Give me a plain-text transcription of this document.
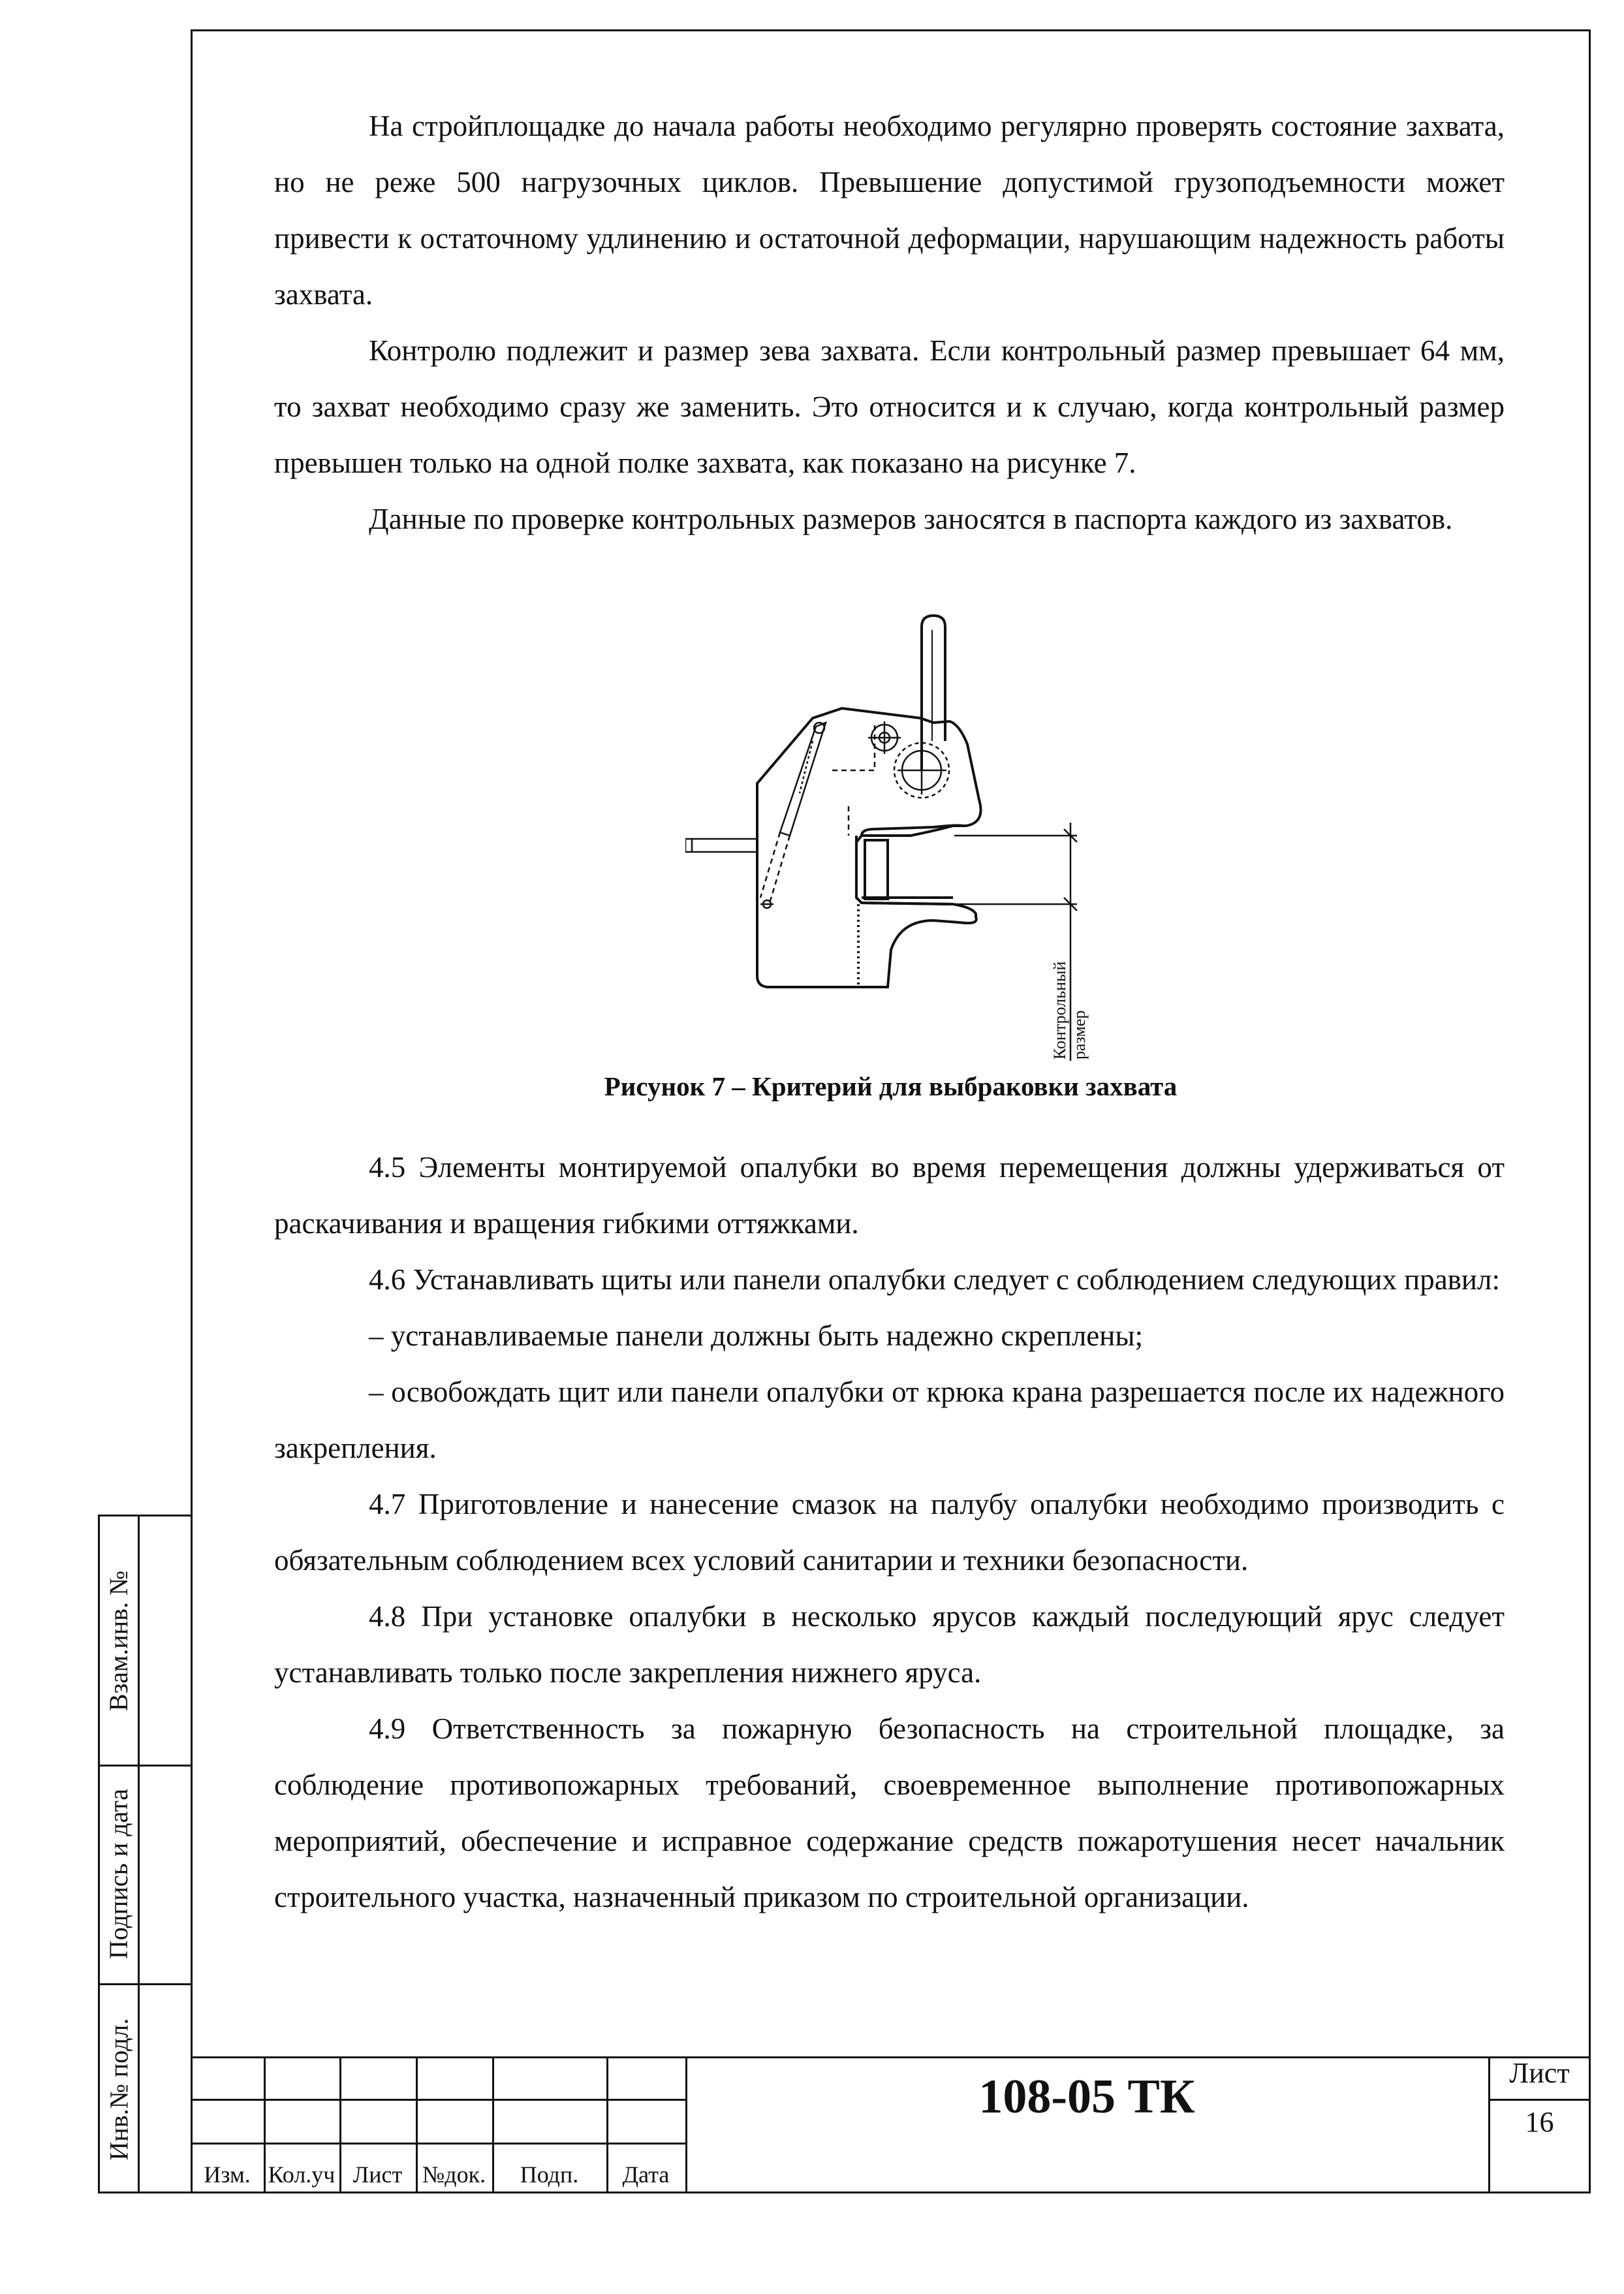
Взам.инв. №
Подпись и дата
Инв.№ подл.

На стройплощадке до начала работы необходимо регулярно проверять состояние захвата, но не реже 500 нагрузочных циклов. Превышение допустимой грузоподъемности может привести к остаточному удлинению и остаточной деформации, нарушающим надежность работы захвата.

Контролю подлежит и размер зева захвата. Если контрольный размер превышает 64 мм, то захват необходимо сразу же заменить. Это относится и к случаю, когда контрольный размер превышен только на одной полке захвата, как показано на рисунке 7.

Данные по проверке контрольных размеров заносятся в паспорта каждого из захватов.

Контрольный размер
Рисунок 7 – Критерий для выбраковки захвата

4.5 Элементы монтируемой опалубки во время перемещения должны удерживаться от раскачивания и вращения гибкими оттяжками.

4.6 Устанавливать щиты или панели опалубки следует с соблюдением следующих правил:

– устанавливаемые панели должны быть надежно скреплены;

– освобождать щит или панели опалубки от крюка крана разрешается после их надежного закрепления.

4.7 Приготовление и нанесение смазок на палубу опалубки необходимо производить с обязательным соблюдением всех условий санитарии и техники безопасности.

4.8 При установке опалубки в несколько ярусов каждый последующий ярус следует устанавливать только после закрепления нижнего яруса.

4.9 Ответственность за пожарную безопасность на строительной площадке, за соблюдение противопожарных требований, своевременное выполнение противопожарных мероприятий, обеспечение и исправное содержание средств пожаротушения несет начальник строительного участка, назначенный приказом по строительной организации.

Изм. Кол.уч Лист №док.	Подп.	Дата
108-05 ТК	Лист
16
